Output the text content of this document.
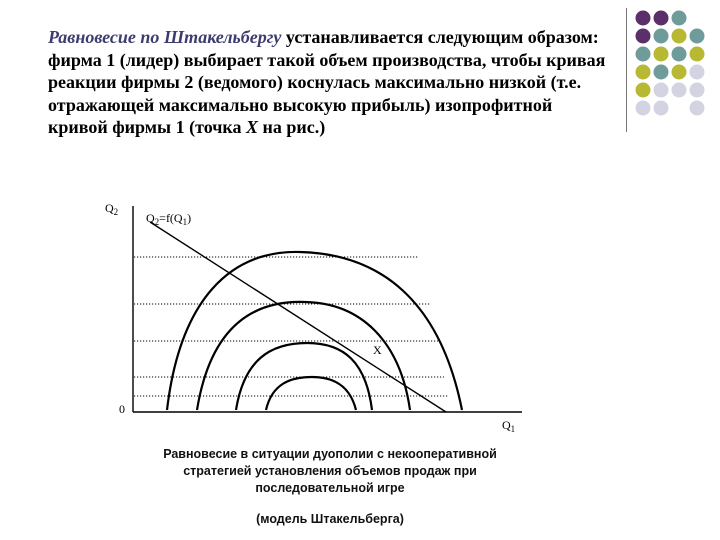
Равновесие по Штакельбергу устанавливается следующим образом: фирма 1 (лидер) выбирает такой объем производства, чтобы кривая реакции фирмы 2 (ведомого) коснулась максимально низкой (т.е. отражающей максимально высокую прибыль) изопрофитной кривой фирмы 1 (точка X на рис.)

$Q_2$ $Q_2=f(Q_1)$
X
0
$Q_1$

Равновесие в ситуации дуополии с некооперативной стратегией установления объемов продаж при последовательной игре

(модель Штакельберга)
